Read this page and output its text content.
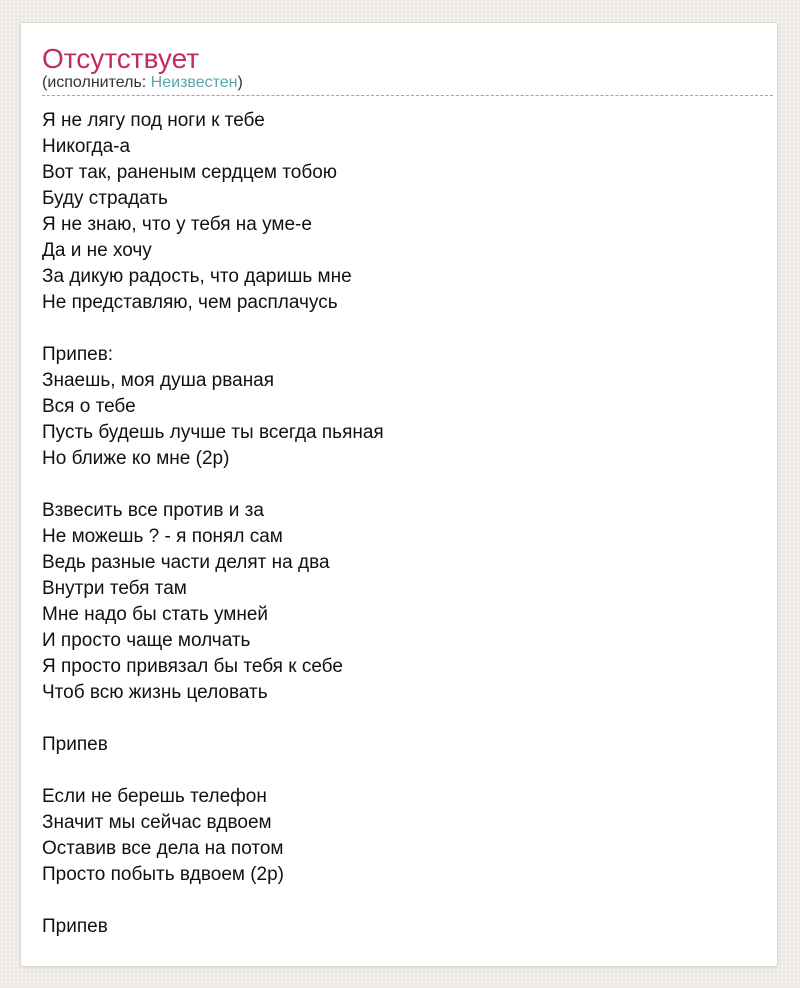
Отсутствует
(исполнитель: Неизвестен)
Я не лягу под ноги к тебе
Никогда-а
Вот так, раненым сердцем тобою
Буду страдать
Я не знаю, что у тебя на уме-е
Да и не хочу
За дикую радость, что даришь мне
Не представляю, чем расплачусь

Припев:
Знаешь, моя душа рваная
Вся о тебе
Пусть будешь лучше ты всегда пьяная
Но ближе ко мне (2р)

Взвесить все против и за
Не можешь ? - я понял сам
Ведь разные части делят на два
Внутри тебя там
Мне надо бы стать умней
И просто чаще молчать
Я просто привязал бы тебя к себе
Чтоб всю жизнь целовать

Припев

Если не берешь телефон
Значит мы сейчас вдвоем
Оставив все дела на потом
Просто побыть вдвоем (2р)

Припев
